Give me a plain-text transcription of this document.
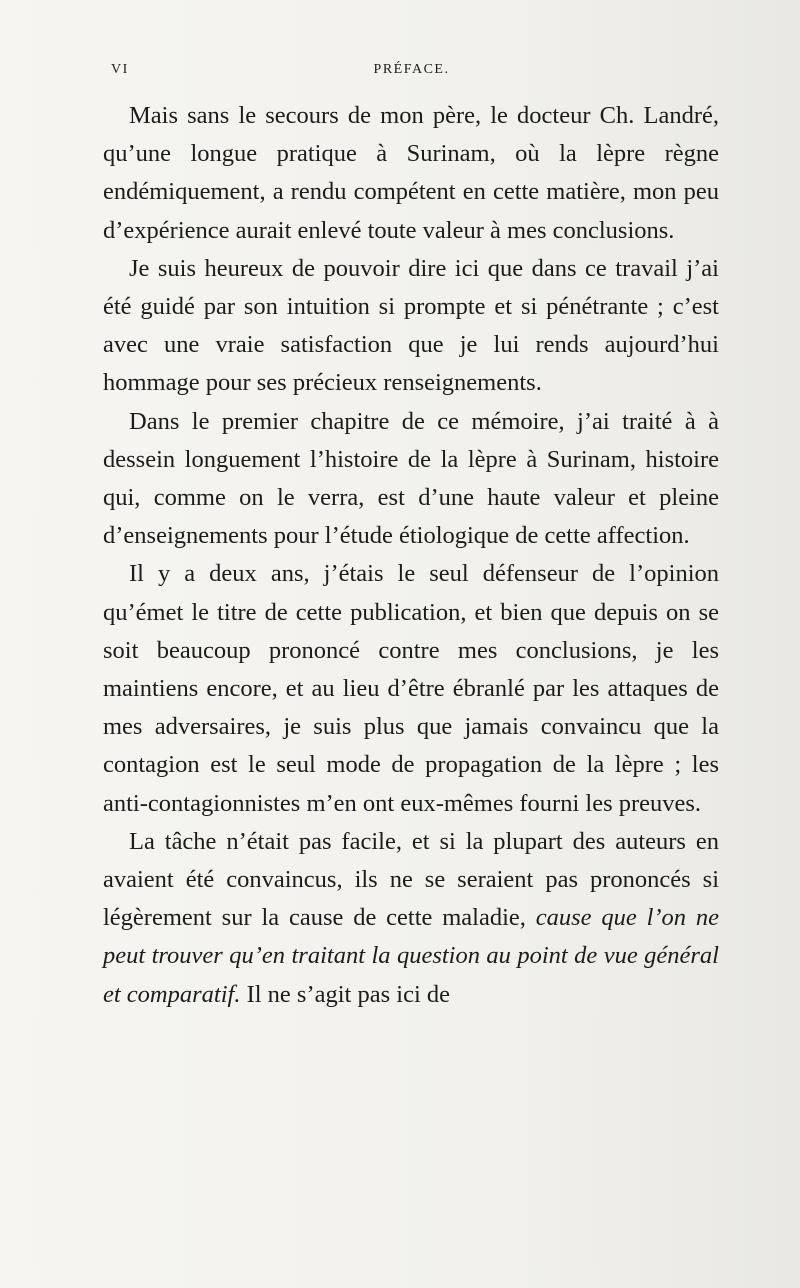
VI	PRÉFACE.

Mais sans le secours de mon père, le docteur Ch. Landré, qu’une longue pratique à Surinam, où la lèpre règne endémiquement, a rendu compétent en cette matière, mon peu d’expérience aurait enlevé toute valeur à mes conclusions.

Je suis heureux de pouvoir dire ici que dans ce travail j’ai été guidé par son intuition si prompte et si pénétrante ; c’est avec une vraie satisfaction que je lui rends aujourd’hui hommage pour ses précieux renseignements.

Dans le premier chapitre de ce mémoire, j’ai traité à à dessein longuement l’histoire de la lèpre à Surinam, histoire qui, comme on le verra, est d’une haute valeur et pleine d’enseignements pour l’étude étiologique de cette affection.

Il y a deux ans, j’étais le seul défenseur de l’opinion qu’émet le titre de cette publication, et bien que depuis on se soit beaucoup prononcé contre mes conclusions, je les maintiens encore, et au lieu d’être ébranlé par les attaques de mes adversaires, je suis plus que jamais convaincu que la contagion est le seul mode de propagation de la lèpre ; les anti-contagionnistes m’en ont eux-mêmes fourni les preuves.

La tâche n’était pas facile, et si la plupart des auteurs en avaient été convaincus, ils ne se seraient pas prononcés si légèrement sur la cause de cette maladie, cause que l’on ne peut trouver qu’en traitant la question au point de vue général et comparatif. Il ne s’agit pas ici de
